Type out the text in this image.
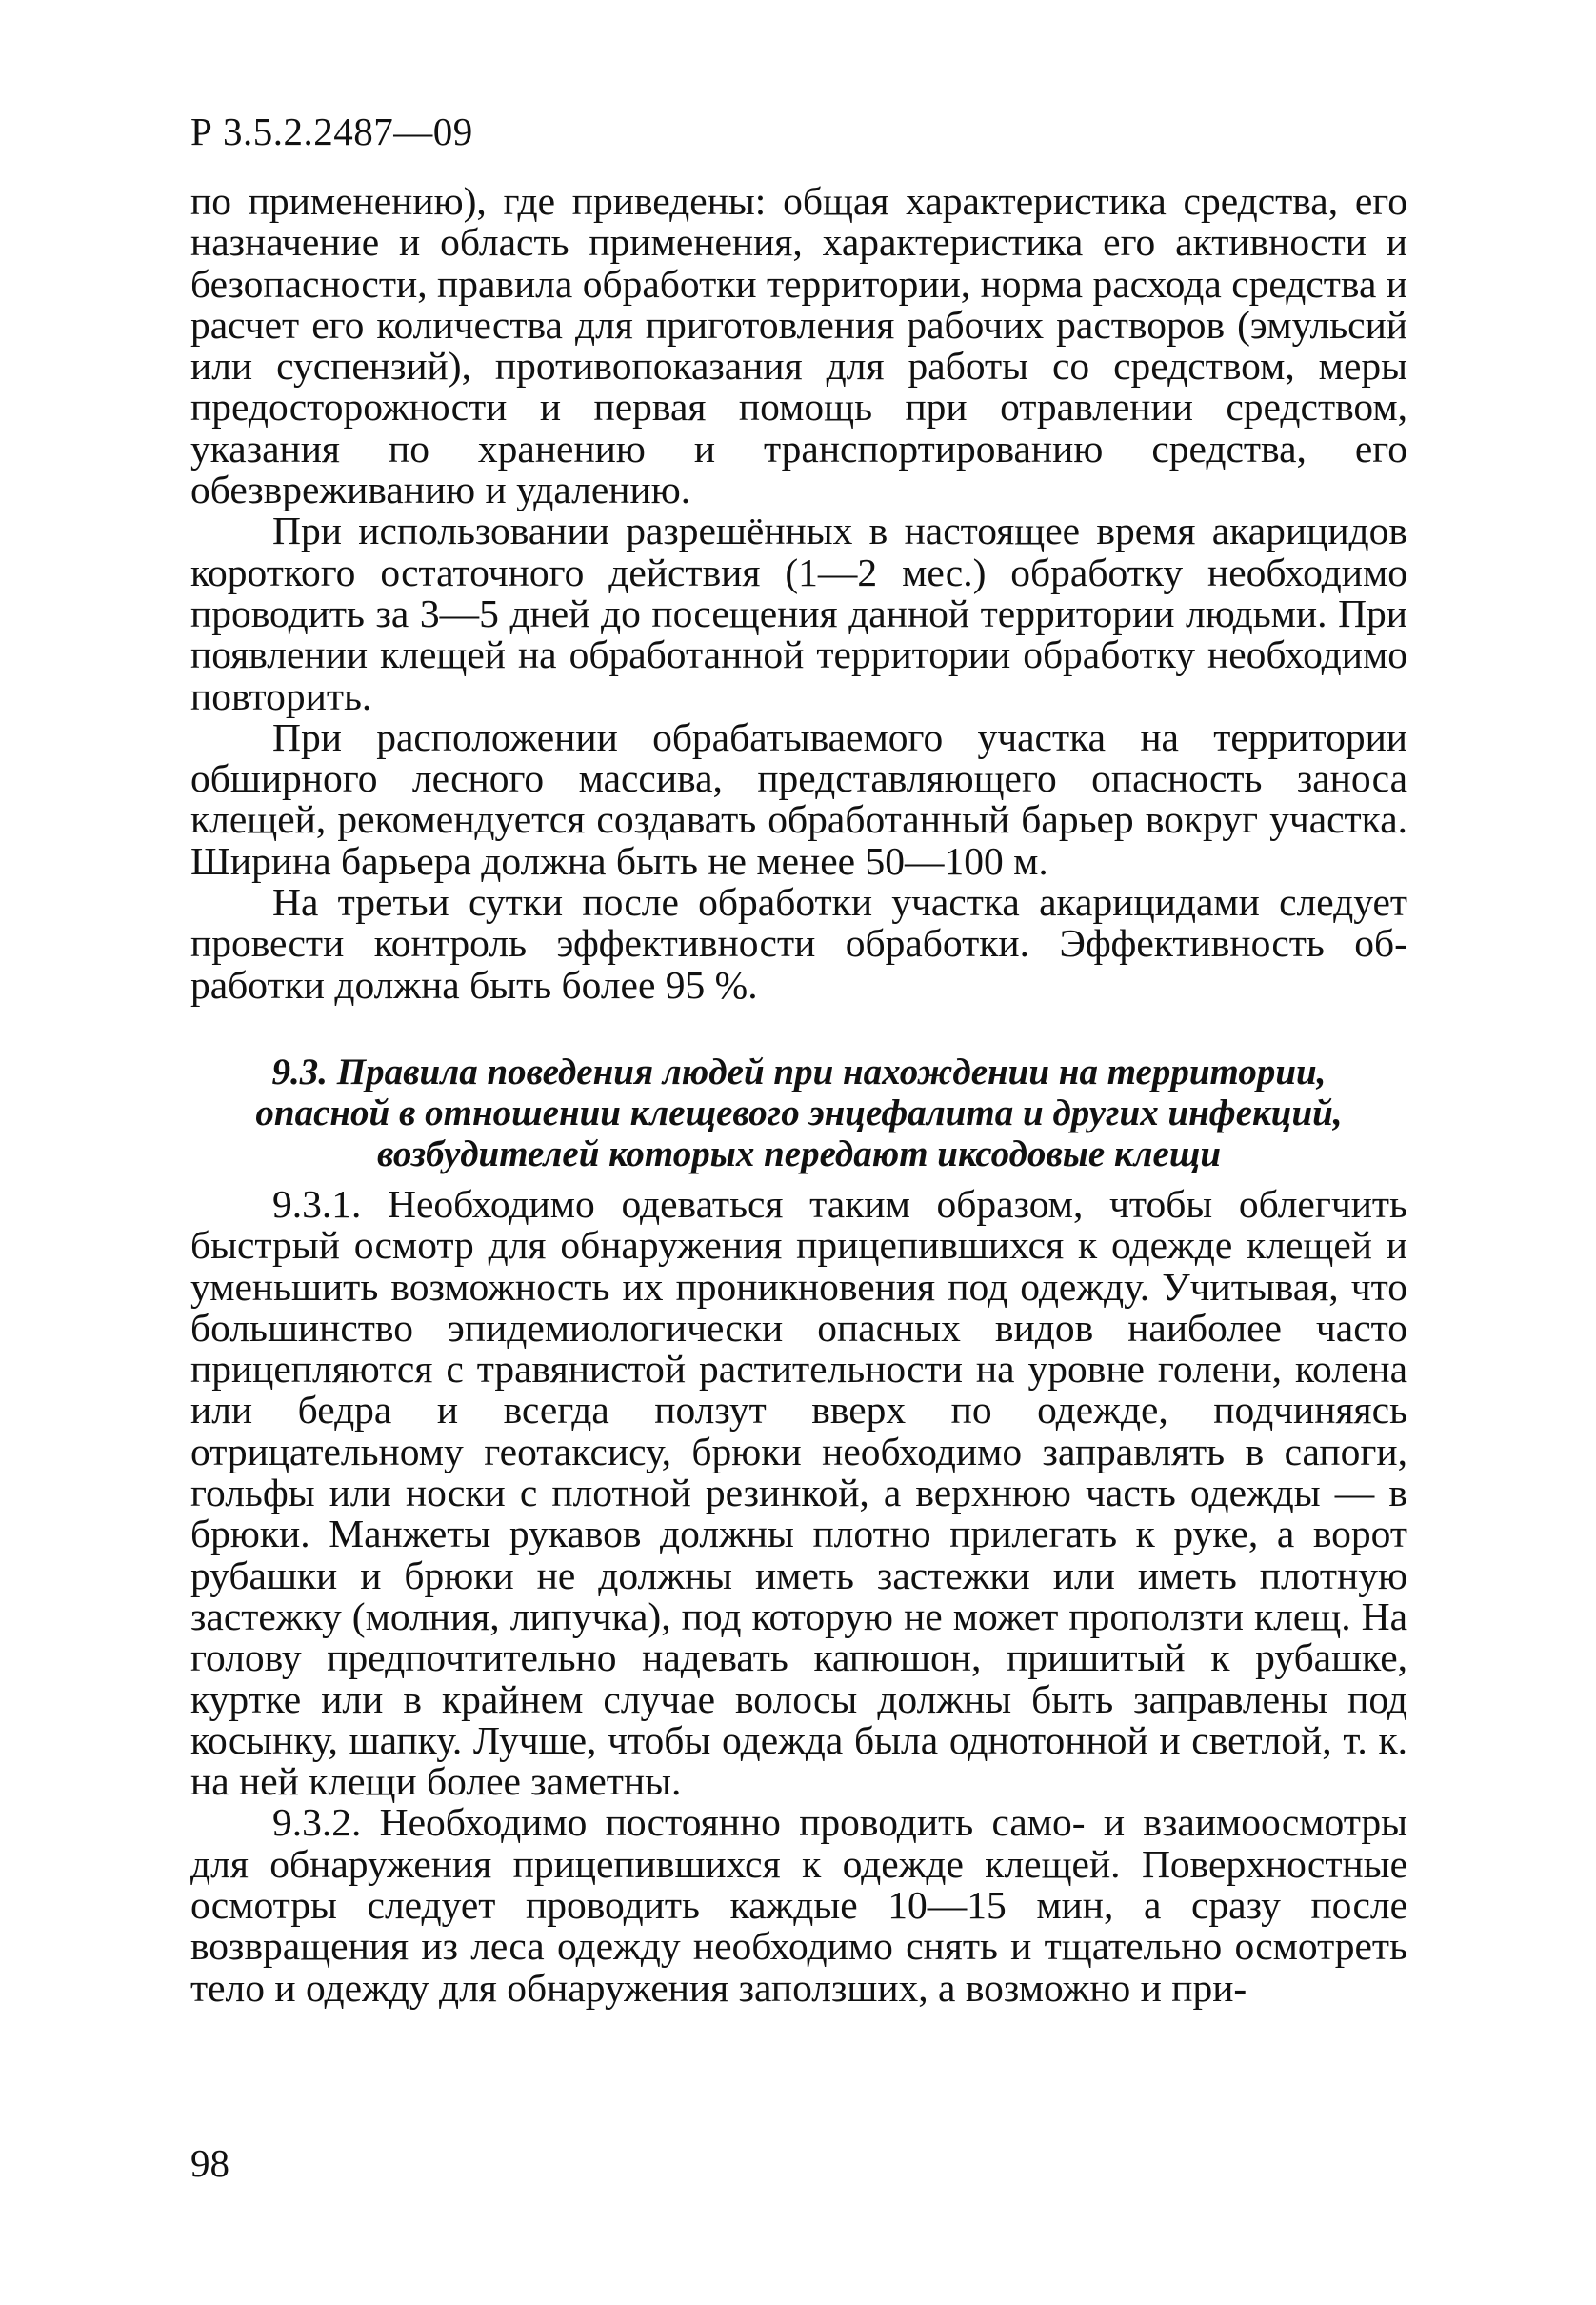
Р 3.5.2.2487—09

по применению), где приведены: общая характеристика средства, его назначение и область применения, характеристика его активности и безопасности, правила обработки территории, норма расхода средства и расчет его количества для приготовления рабочих растворов (эмульсий или суспензий), противопоказания для работы со средством, меры предосторожности и первая помощь при отравлении средством, указания по хранению и транспортированию средства, его обезвреживанию и удалению.

При использовании разрешённых в настоящее время акарицидов короткого остаточного действия (1—2 мес.) обработку необходимо проводить за 3—5 дней до посещения данной территории людьми. При появлении клещей на обработанной территории обработку необходимо повторить.

При расположении обрабатываемого участка на территории обширного лесного массива, представляющего опасность заноса клещей, рекомендуется создавать обработанный барьер вокруг участка. Ширина барьера должна быть не менее 50—100 м.

На третьи сутки после обработки участка акарицидами следует провести контроль эффективности обработки. Эффективность обработки должна быть более 95 %.

9.3. Правила поведения людей при нахождении на территории,
опасной в отношении клещевого энцефалита и других инфекций,
возбудителей которых передают иксодовые клещи

9.3.1. Необходимо одеваться таким образом, чтобы облегчить быстрый осмотр для обнаружения прицепившихся к одежде клещей и уменьшить возможность их проникновения под одежду. Учитывая, что большинство эпидемиологически опасных видов наиболее часто прицепляются с травянистой растительности на уровне голени, колена или бедра и всегда ползут вверх по одежде, подчиняясь отрицательному геотаксису, брюки необходимо заправлять в сапоги, гольфы или носки с плотной резинкой, а верхнюю часть одежды — в брюки. Манжеты рукавов должны плотно прилегать к руке, а ворот рубашки и брюки не должны иметь застежки или иметь плотную застежку (молния, липучка), под которую не может проползти клещ. На голову предпочтительно надевать капюшон, пришитый к рубашке, куртке или в крайнем случае волосы должны быть заправлены под косынку, шапку. Лучше, чтобы одежда была однотонной и светлой, т. к. на ней клещи более заметны.

9.3.2. Необходимо постоянно проводить само- и взаимоосмотры для обнаружения прицепившихся к одежде клещей. Поверхностные осмотры следует проводить каждые 10—15 мин, а сразу после возвращения из леса одежду необходимо снять и тщательно осмотреть тело и одежду для обнаружения заползших, а возможно и при-

98
